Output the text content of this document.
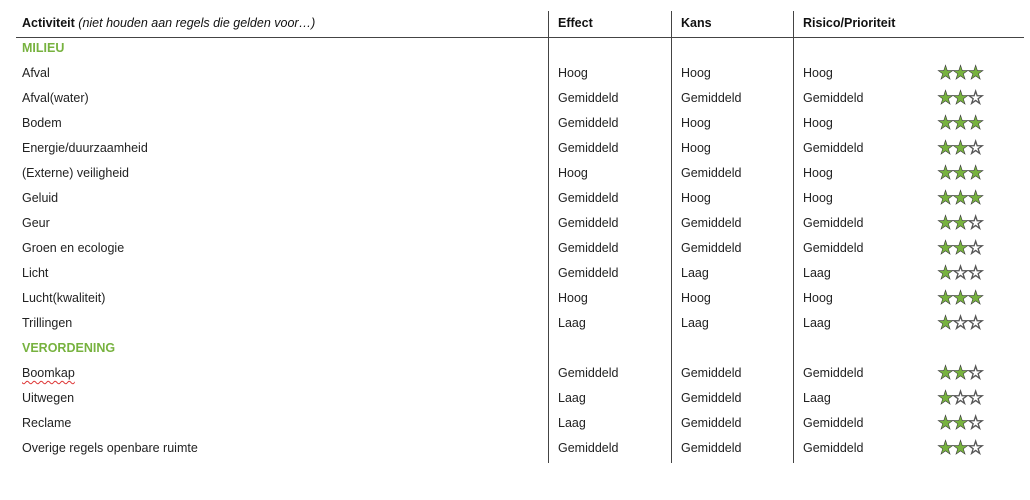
Activiteit (niet houden aan regels die gelden voor…)	Effect	Kans	Risico/Prioriteit
MILIEU
Afval	Hoog	Hoog	Hoog	★★★
Afval(water)	Gemiddeld	Gemiddeld	Gemiddeld	★★☆
Bodem	Gemiddeld	Hoog	Hoog	★★★
Energie/duurzaamheid	Gemiddeld	Hoog	Gemiddeld	★★☆
(Externe) veiligheid	Hoog	Gemiddeld	Hoog	★★★
Geluid	Gemiddeld	Hoog	Hoog	★★★
Geur	Gemiddeld	Gemiddeld	Gemiddeld	★★☆
Groen en ecologie	Gemiddeld	Gemiddeld	Gemiddeld	★★☆
Licht	Gemiddeld	Laag	Laag	★☆☆
Lucht(kwaliteit)	Hoog	Hoog	Hoog	★★★
Trillingen	Laag	Laag	Laag	★☆☆
VERORDENING
Boomkap	Gemiddeld	Gemiddeld	Gemiddeld	★★☆
Uitwegen	Laag	Gemiddeld	Laag	★☆☆
Reclame	Laag	Gemiddeld	Gemiddeld	★★☆
Overige regels openbare ruimte	Gemiddeld	Gemiddeld	Gemiddeld	★★☆
